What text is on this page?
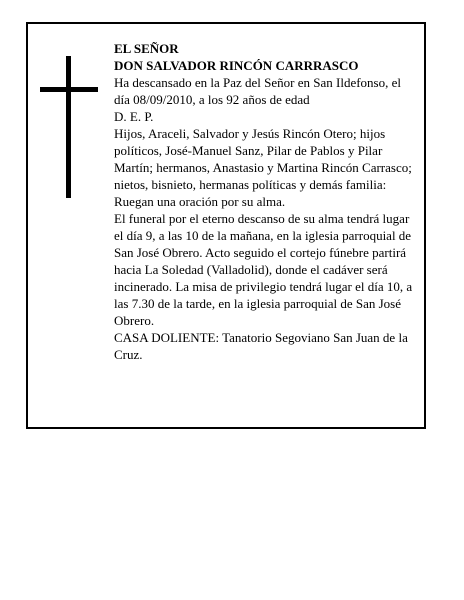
EL SEÑOR

DON SALVADOR RINCÓN CARRRASCO

Ha descansado en la Paz del Señor en San Ildefonso, el día 08/09/2010, a los 92 años de edad

D. E. P.

Hijos, Araceli, Salvador y Jesús Rincón Otero; hijos políticos, José-Manuel Sanz, Pilar de Pablos y Pilar Martín; hermanos, Anastasio y Martina Rincón Carrasco; nietos, bisnieto, hermanas políticas y demás familia:

Ruegan una oración por su alma.

El funeral por el eterno descanso de su alma tendrá lugar el día 9, a las 10 de la mañana, en la iglesia parroquial de San José Obrero. Acto seguido el cortejo fúnebre partirá hacia La Soledad (Valladolid), donde el cadáver será incinerado. La misa de privilegio tendrá lugar el día 10, a las 7.30 de la tarde, en la iglesia parroquial de San José Obrero.

CASA DOLIENTE: Tanatorio Segoviano San Juan de la Cruz.
